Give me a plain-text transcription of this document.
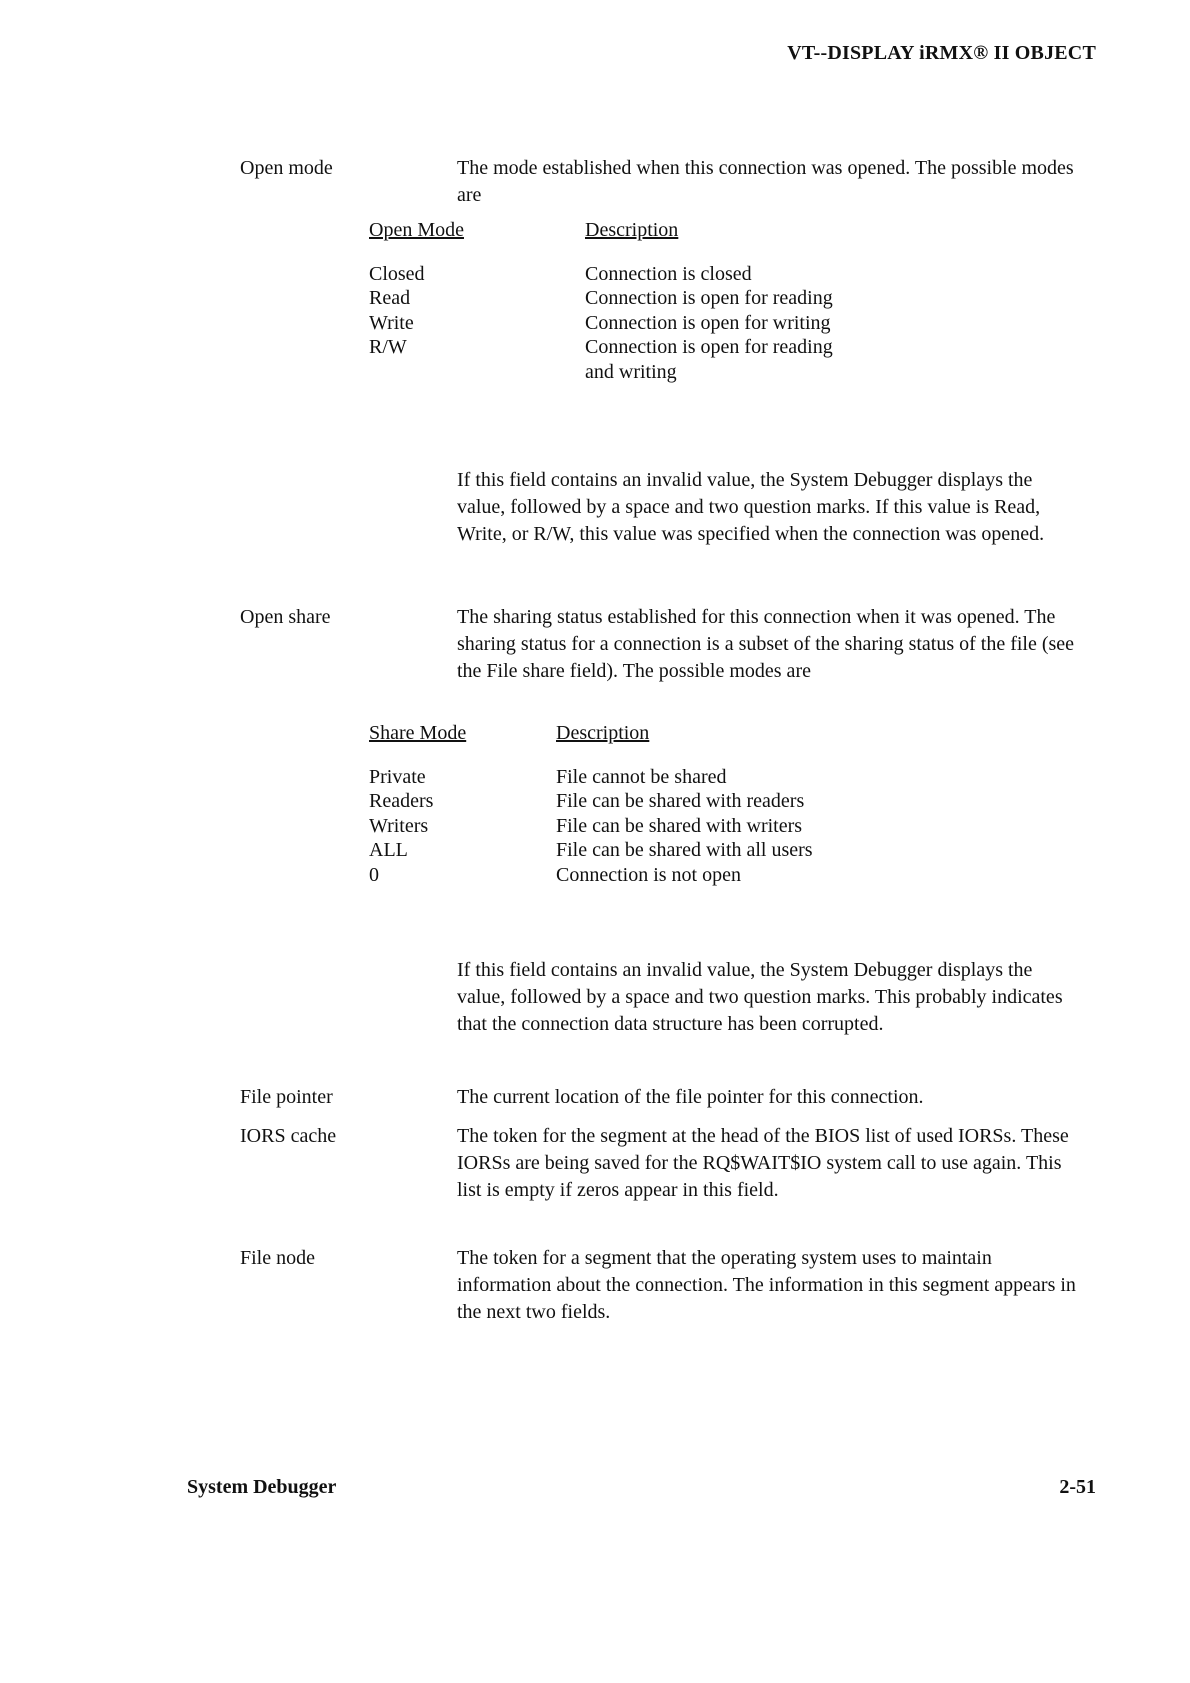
VT--DISPLAY iRMX® II OBJECT
Open mode	The mode established when this connection was opened. The possible modes are

Open Mode	Description
Closed	Connection is closed
Read	Connection is open for reading
Write	Connection is open for writing
R/W	Connection is open for reading and writing

If this field contains an invalid value, the System Debugger displays the value, followed by a space and two question marks. If this value is Read, Write, or R/W, this value was specified when the connection was opened.

Open share	The sharing status established for this connection when it was opened. The sharing status for a connection is a subset of the sharing status of the file (see the File share field). The possible modes are

Share Mode	Description
Private	File cannot be shared
Readers	File can be shared with readers
Writers	File can be shared with writers
ALL	File can be shared with all users
0	Connection is not open

If this field contains an invalid value, the System Debugger displays the value, followed by a space and two question marks. This probably indicates that the connection data structure has been corrupted.

File pointer	The current location of the file pointer for this connection.
IORS cache	The token for the segment at the head of the BIOS list of used IORSs. These IORSs are being saved for the RQ$WAIT$IO system call to use again. This list is empty if zeros appear in this field.
File node	The token for a segment that the operating system uses to maintain information about the connection. The information in this segment appears in the next two fields.
System Debugger	2-51
